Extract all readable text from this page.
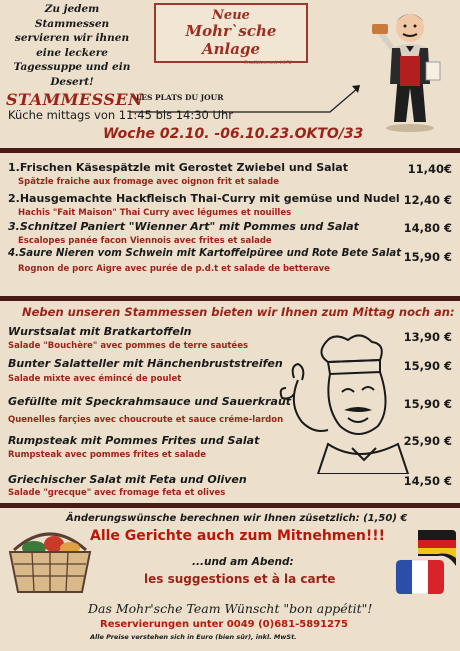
Zu jedem
Stammessen
servieren wir ihnen
eine leckere
Tagessuppe und ein
Desert!
Neue
Mohr`sche Anlage
Tradition seit 1872
STAMMESSEN
LES PLATS DU JOUR
Küche mittags von 11:45 bis 14:30 Uhr
Woche 02.10. -06.10.23.OKTO/33
1.Frischen Käsespätzle mit Gerostet Zwiebel und Salat
Spätzle fraiche aux fromage avec oignon frit et salade
11,40€
2.Hausgemachte Hackfleisch Thai-Curry mit gemüse und Nudel
Hachis "Fait Maison" Thai Curry avec légumes et nouilles
12,40 €
3.Schnitzel Paniert "Wienner Art" mit Pommes und Salat
Escalopes panée facon Viennois avec frites et salade
14,80 €
4.Saure Nieren vom Schwein mit Kartoffelpüree und Rote Bete Salat
Rognon de porc Aigre avec purée de p.d.t et salade de betterave
15,90 €
Neben unseren Stammessen bieten wir Ihnen zum Mittag noch an:
Wurstsalat mit Bratkartoffeln
Salade "Bouchère" avec pommes de terre sautées
13,90 €
Bunter Salatteller mit Hänchenbruststreifen
Salade mixte avec émincé de poulet
15,90 €
Gefüllte mit Speckrahmsauce und Sauerkraut
Quenelles farçies avec choucroute et sauce créme-lardon
15,90 €
Rumpsteak mit Pommes Frites und Salat
Rumpsteak avec pommes frites et salade
25,90 €
Griechischer Salat mit Feta und Oliven
Salade "grecque" avec fromage feta et olives
14,50 €
Änderungswünsche berechnen wir Ihnen züsetzlich: (1,50) €
Alle Gerichte auch zum Mitnehmen!!!
...und am Abend:
les suggestions et à la carte
Das Mohr'sche Team Wünscht "bon appétit"!
Reservierungen unter 0049 (0)681-5891275
Alle Preise verstehen sich in Euro (bien sûr), inkl. MwSt.
